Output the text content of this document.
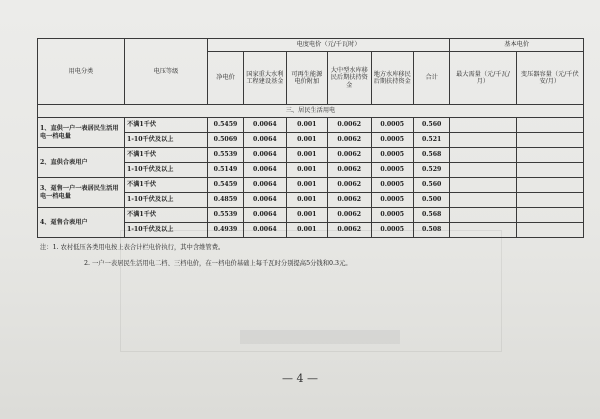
用电分类	电压等级	电度电价（元/千瓦时）						基本电价	
		净电价	国家重大水利工程建设基金	可再生能源电价附加	大中型水库移民后期扶持资金	地方水库移民后期扶持资金	合计	最大需量（元/千瓦/月）	变压器容量（元/千伏安/月）
三、居民生活用电									
1、直供一户一表居民生活用电一档电量	不满1千伏	0.5459	0.0064	0.001	0.0062	0.0005	0.560		
	1-10千伏及以上	0.5069	0.0064	0.001	0.0062	0.0005	0.521		
2、直供合表用户	不满1千伏	0.5539	0.0064	0.001	0.0062	0.0005	0.568		
	1-10千伏及以上	0.5149	0.0064	0.001	0.0062	0.0005	0.529		
3、趸售一户一表居民生活用电一档电量	不满1千伏	0.5459	0.0064	0.001	0.0062	0.0005	0.560		
	1-10千伏及以上	0.4859	0.0064	0.001	0.0062	0.0005	0.500		
4、趸售合表用户	不满1千伏	0.5539	0.0064	0.001	0.0062	0.0005	0.568		
	1-10千伏及以上	0.4939	0.0064	0.001	0.0062	0.0005	0.508		
注：1. 农村低压各类用电按上表合计栏电价执行，其中含维管费。
2. 一户一表居民生活用电二档、三档电价，在一档电价基础上每千瓦时分别提高5分钱和0.3元。
— 4 —
